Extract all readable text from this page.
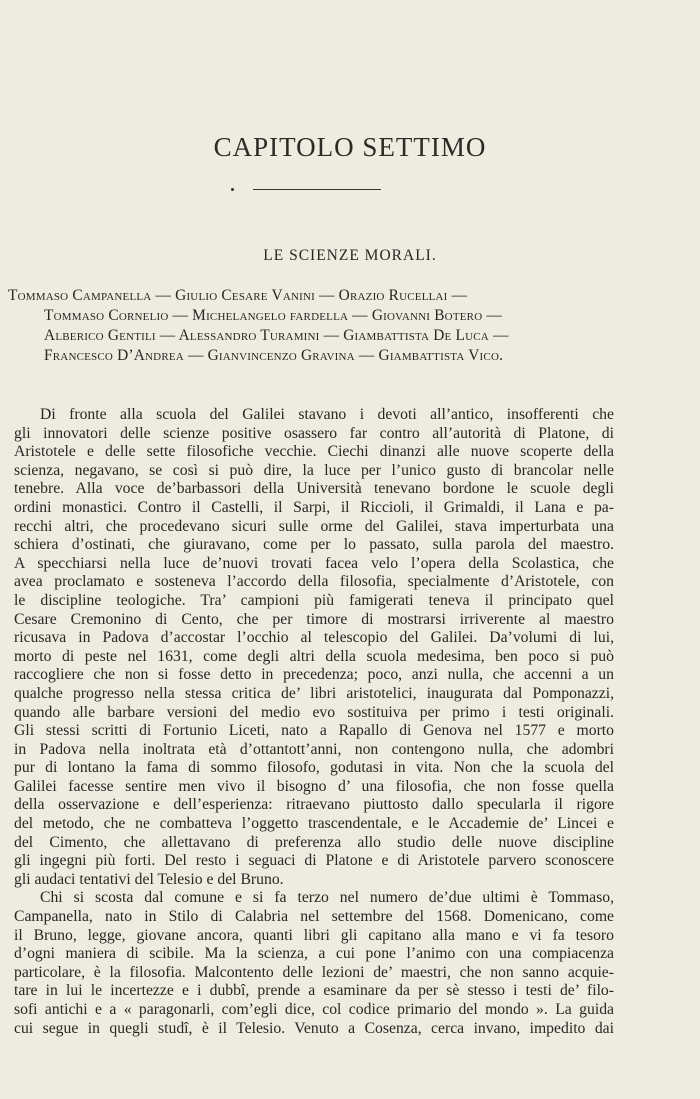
CAPITOLO SETTIMO
LE SCIENZE MORALI.
Tommaso Campanella — Giulio Cesare Vanini — Orazio Rucellai —
Tommaso Cornelio — Michelangelo fardella — Giovanni Botero —
Alberico Gentili — Alessandro Turamini — Giambattista De Luca —
Francesco D’Andrea — Gianvincenzo Gravina — Giambattista Vico.
Di fronte alla scuola del Galilei stavano i devoti all’antico, insofferenti che
gli innovatori delle scienze positive osassero far contro all’autorità di Platone, di
Aristotele e delle sette filosofiche vecchie. Ciechi dinanzi alle nuove scoperte della
scienza, negavano, se così si può dire, la luce per l’unico gusto di brancolar nelle
tenebre. Alla voce de’barbassori della Università tenevano bordone le scuole degli
ordini monastici. Contro il Castelli, il Sarpi, il Riccioli, il Grimaldi, il Lana e pa-
recchi altri, che procedevano sicuri sulle orme del Galilei, stava imperturbata una
schiera d’ostinati, che giuravano, come per lo passato, sulla parola del maestro.
A specchiarsi nella luce de’nuovi trovati facea velo l’opera della Scolastica, che
avea proclamato e sosteneva l’accordo della filosofia, specialmente d’Aristotele, con
le discipline teologiche. Tra’ campioni più famigerati teneva il principato quel
Cesare Cremonino di Cento, che per timore di mostrarsi irriverente al maestro
ricusava in Padova d’accostar l’occhio al telescopio del Galilei. Da’volumi di lui,
morto di peste nel 1631, come degli altri della scuola medesima, ben poco si può
raccogliere che non si fosse detto in precedenza; poco, anzi nulla, che accenni a un
qualche progresso nella stessa critica de’ libri aristotelici, inaugurata dal Pomponazzi,
quando alle barbare versioni del medio evo sostituiva per primo i testi originali.
Gli stessi scritti di Fortunio Liceti, nato a Rapallo di Genova nel 1577 e morto
in Padova nella inoltrata età d’ottantott’anni, non contengono nulla, che adombri
pur di lontano la fama di sommo filosofo, godutasi in vita. Non che la scuola del
Galilei facesse sentire men vivo il bisogno d’ una filosofia, che non fosse quella
della osservazione e dell’esperienza: ritraevano piuttosto dallo specularla il rigore
del metodo, che ne combatteva l’oggetto trascendentale, e le Accademie de’ Lincei e
del Cimento, che allettavano di preferenza allo studio delle nuove discipline
gli ingegni più forti. Del resto i seguaci di Platone e di Aristotele parvero sconoscere
gli audaci tentativi del Telesio e del Bruno.
Chi si scosta dal comune e si fa terzo nel numero de’due ultimi è Tommaso,
Campanella, nato in Stilo di Calabria nel settembre del 1568. Domenicano, come
il Bruno, legge, giovane ancora, quanti libri gli capitano alla mano e vi fa tesoro
d’ogni maniera di scibile. Ma la scienza, a cui pone l’animo con una compiacenza
particolare, è la filosofia. Malcontento delle lezioni de’ maestri, che non sanno acquie-
tare in lui le incertezze e i dubbî, prende a esaminare da per sè stesso i testi de’ filo-
sofi antichi e a « paragonarli, com’egli dice, col codice primario del mondo ». La guida
cui segue in quegli studî, è il Telesio. Venuto a Cosenza, cerca invano, impedito dai
